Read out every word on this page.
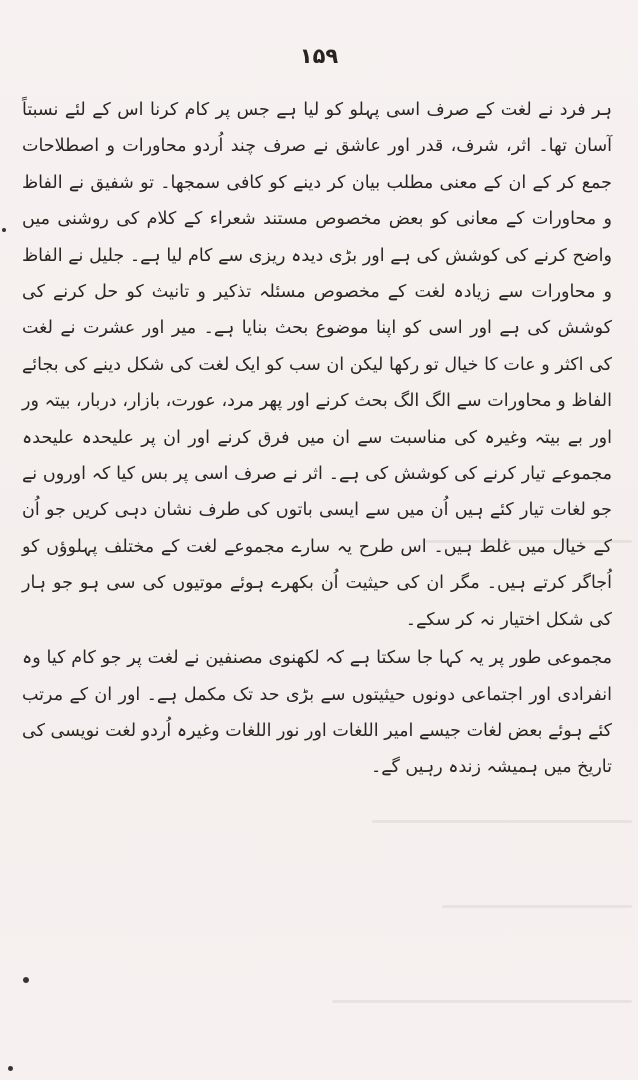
۱۵۹

ہر فرد نے لغت کے صرف اسی پہلو کو لیا ہے جس پر کام کرنا اس کے لئے نسبتاً آسان تھا۔ اثر، شرف، قدر اور عاشق نے صرف چند اُردو محاورات و اصطلاحات جمع کر کے ان کے معنی مطلب بیان کر دینے کو کافی سمجھا۔ تو شفیق نے الفاظ و محاورات کے معانی کو بعض مخصوص مستند شعراء کے کلام کی روشنی میں واضح کرنے کی کوشش کی ہے اور بڑی دیدہ ریزی سے کام لیا ہے۔ جلیل نے الفاظ و محاورات سے زیادہ لغت کے مخصوص مسئلہ تذکیر و تانیث کو حل کرنے کی کوشش کی ہے اور اسی کو اپنا موضوع بحث بنایا ہے۔ میر اور عشرت نے لغت کی اکثر و عات کا خیال تو رکھا لیکن ان سب کو ایک لغت کی شکل دینے کی بجائے الفاظ و محاورات سے الگ الگ بحث کرنے اور پھر مرد، عورت، بازار، دربار، بیتہ ور اور بے بیتہ وغیرہ کی مناسبت سے ان میں فرق کرنے اور ان پر علیحدہ علیحدہ مجموعے تیار کرنے کی کوشش کی ہے۔ اثر نے صرف اسی پر بس کیا کہ اوروں نے جو لغات تیار کئے ہیں اُن میں سے ایسی باتوں کی طرف نشان دہی کریں جو اُن کے خیال میں غلط ہیں۔ اس طرح یہ سارے مجموعے لغت کے مختلف پہلوؤں کو اُجاگر کرتے ہیں۔ مگر ان کی حیثیت اُن بکھرے ہوئے موتیوں کی سی ہو جو ہار کی شکل اختیار نہ کر سکے۔

مجموعی طور پر یہ کہا جا سکتا ہے کہ لکھنوی مصنفین نے لغت پر جو کام کیا وہ انفرادی اور اجتماعی دونوں حیثیتوں سے بڑی حد تک مکمل ہے۔ اور ان کے مرتب کئے ہوئے بعض لغات جیسے امیر اللغات اور نور اللغات وغیرہ اُردو لغت نویسی کی تاریخ میں ہمیشہ زندہ رہیں گے۔
